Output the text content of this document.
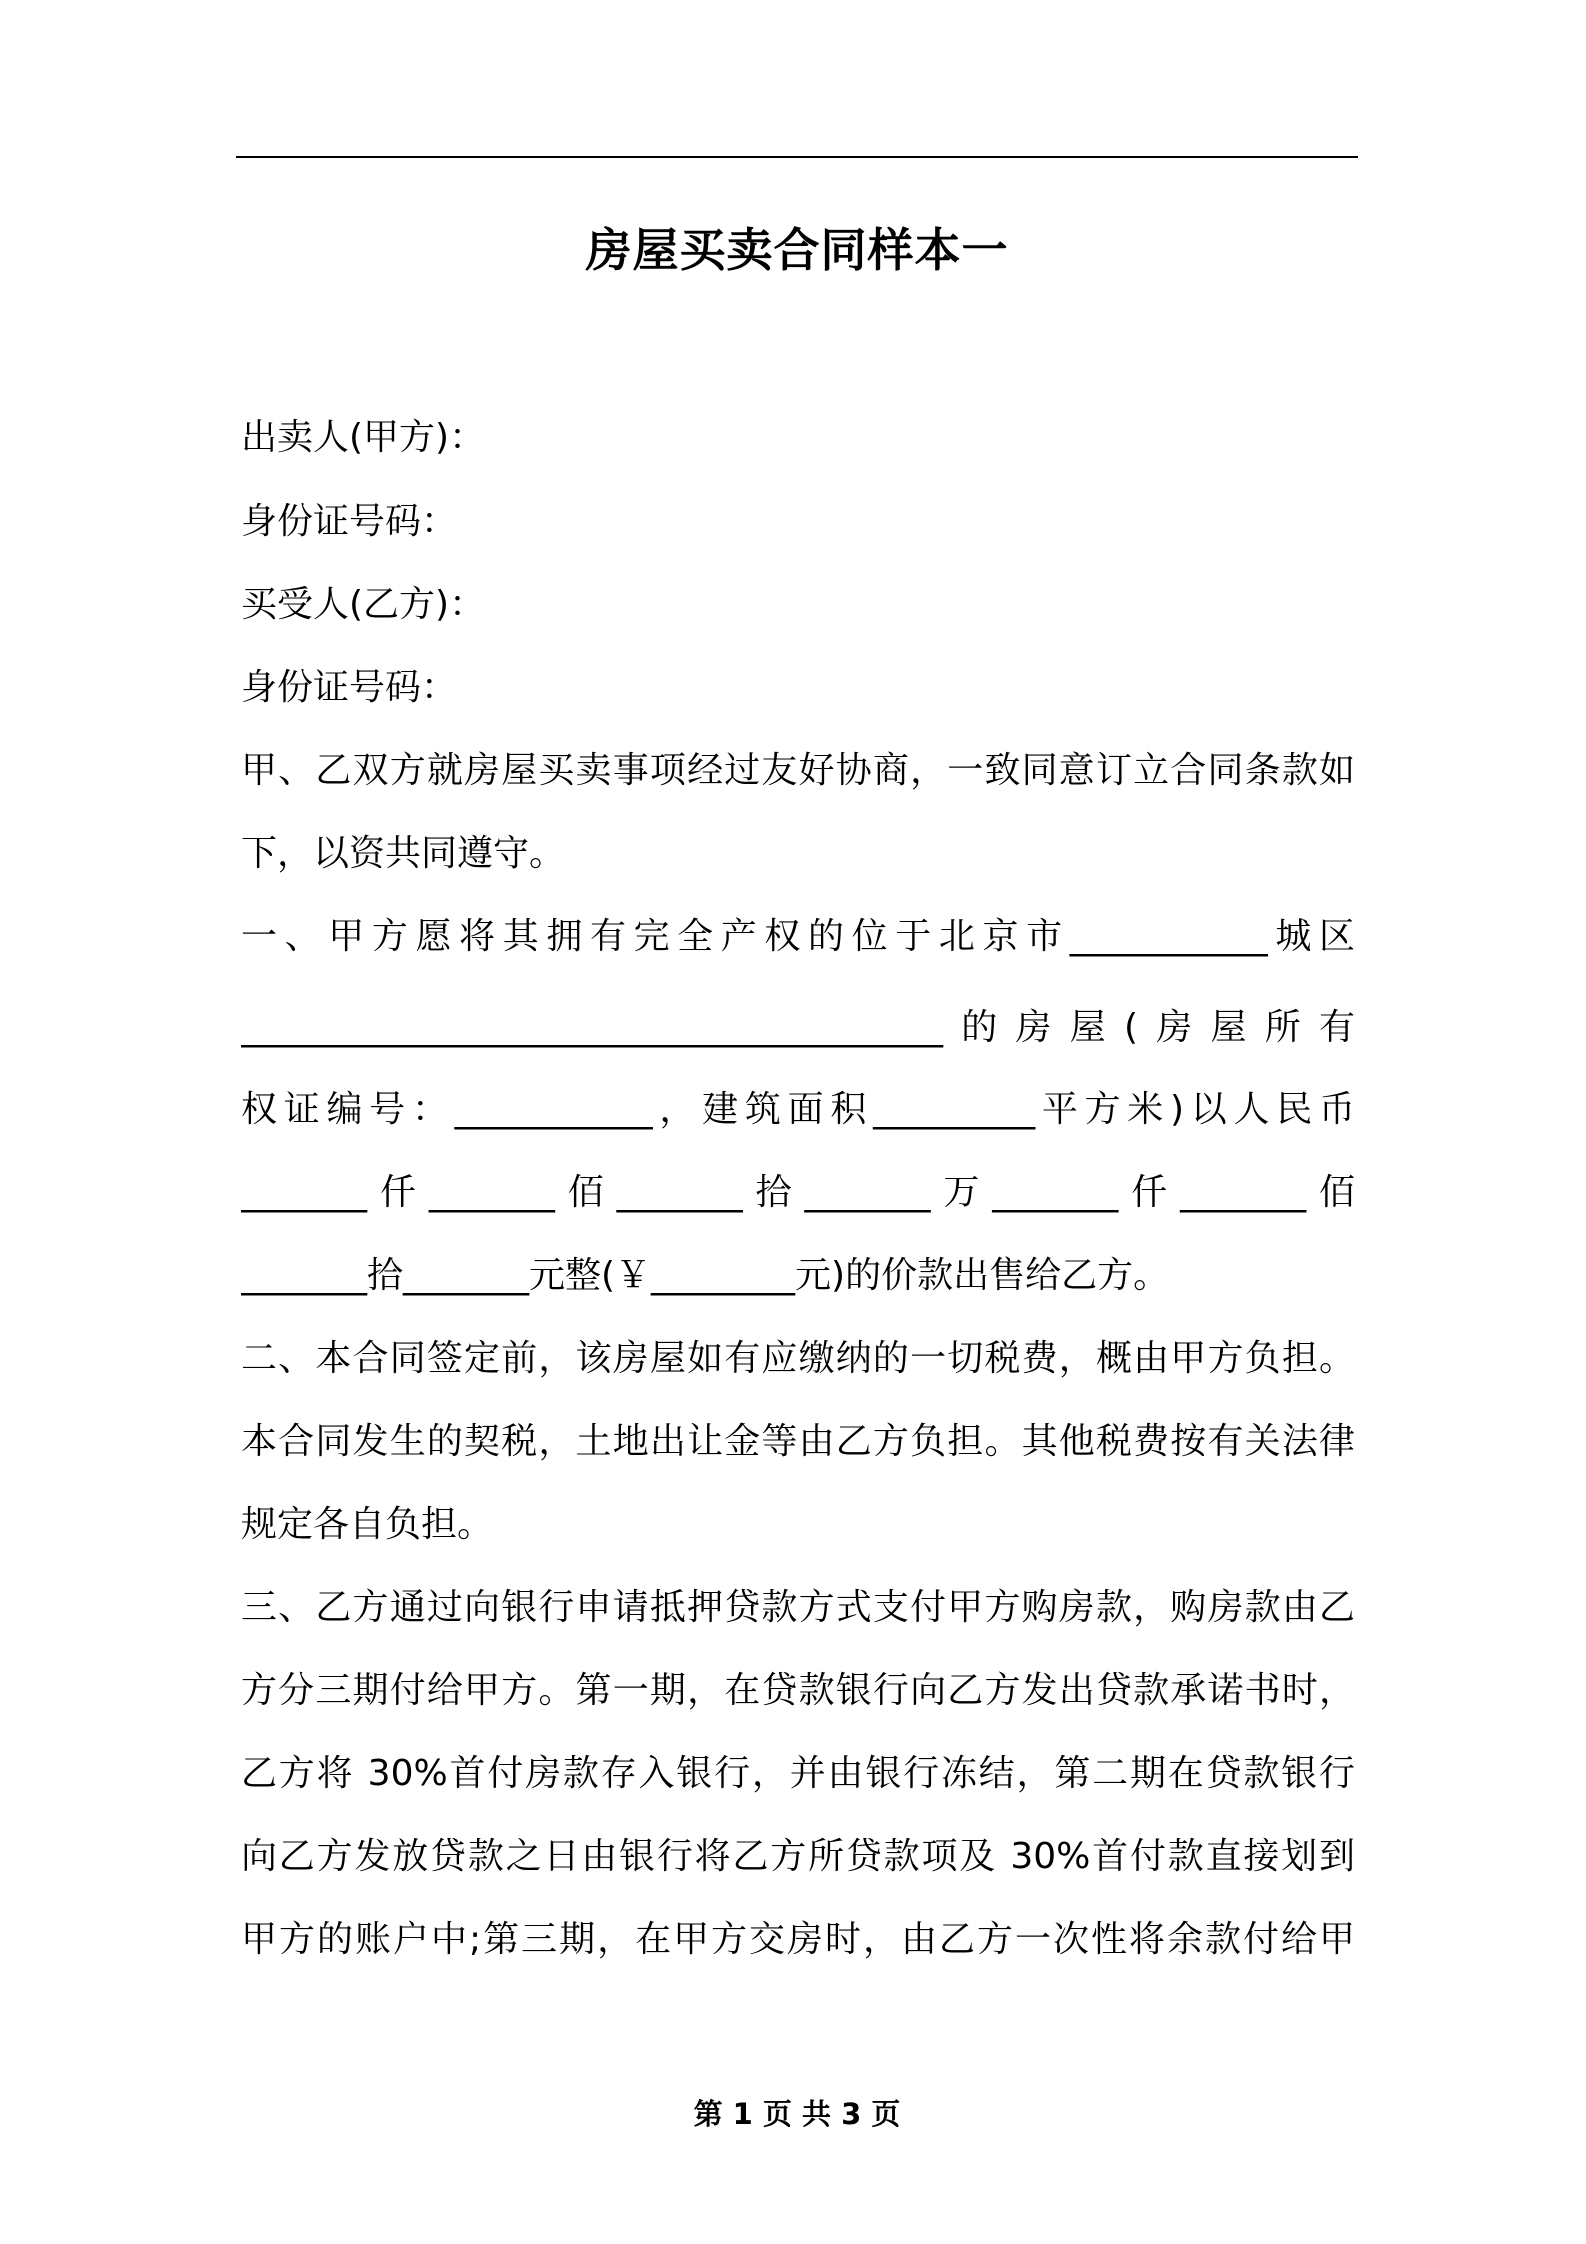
房屋买卖合同样本一
出卖人(甲方)：
身份证号码：
买受人(乙方)：
身份证号码：
甲、乙双方就房屋买卖事项经过友好协商，一致同意订立合同条款如
下，以资共同遵守。
一、甲方愿将其拥有完全产权的位于北京市___________城区
_______________________________________的房屋(房屋所有
权证编号：___________，建筑面积_________平方米)以人民币
_______仟_______佰_______拾_______万_______仟_______佰
_______拾_______元整(￥________元)的价款出售给乙方。
二、本合同签定前，该房屋如有应缴纳的一切税费，概由甲方负担。
本合同发生的契税，土地出让金等由乙方负担。其他税费按有关法律
规定各自负担。
三、乙方通过向银行申请抵押贷款方式支付甲方购房款，购房款由乙
方分三期付给甲方。第一期，在贷款银行向乙方发出贷款承诺书时，
乙方将 30%首付房款存入银行，并由银行冻结，第二期在贷款银行
向乙方发放贷款之日由银行将乙方所贷款项及 30%首付款直接划到
甲方的账户中;第三期，在甲方交房时，由乙方一次性将余款付给甲
第 1 页 共 3 页
